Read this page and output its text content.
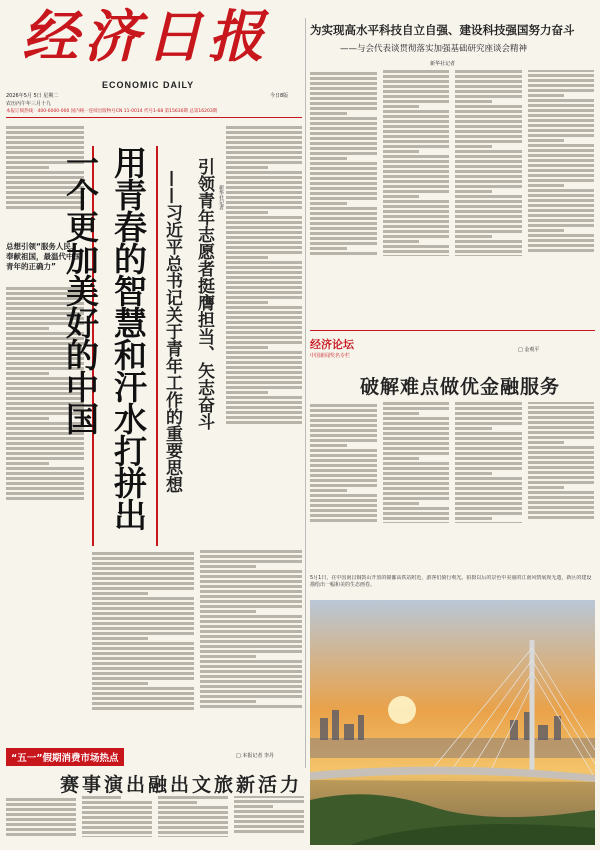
经济日报
ECONOMIC DAILY
2026年5月 5日 星期二
农历丙午年三月十九
今日8版
本报订阅热线：400-6000-000 国内统一连续出版物号CN 11-0014 代号1-68 第15630期 总第16203期
为实现高水平科技自立自强、建设科技强国努力奋斗
——与会代表谈贯彻落实加强基础研究座谈会精神
新华社记者
总想引领“服务人民、奉献祖国，最温代中国青年的正确力”	用青春的智慧和汗水打拼出一个更加美好的中国	引领青年志愿者挺膺担当、矢志奋斗
——习近平总书记关于青年工作的重要思想	新华社记者
经济论坛
中国新闻奖名专栏
□ 金观平
破解难点做优金融服务
5月1日，在中国南昌铜鼓山开放的赣鄱高铁站附近，游客们骑行观光。拍摄以后的景色中美丽的江南风情展现无遗，新区的建设描绘出一幅和美的生态画卷。
“五一”假期消费市场热点	□ 本报记者 李丹
赛事演出融出文旅新活力
